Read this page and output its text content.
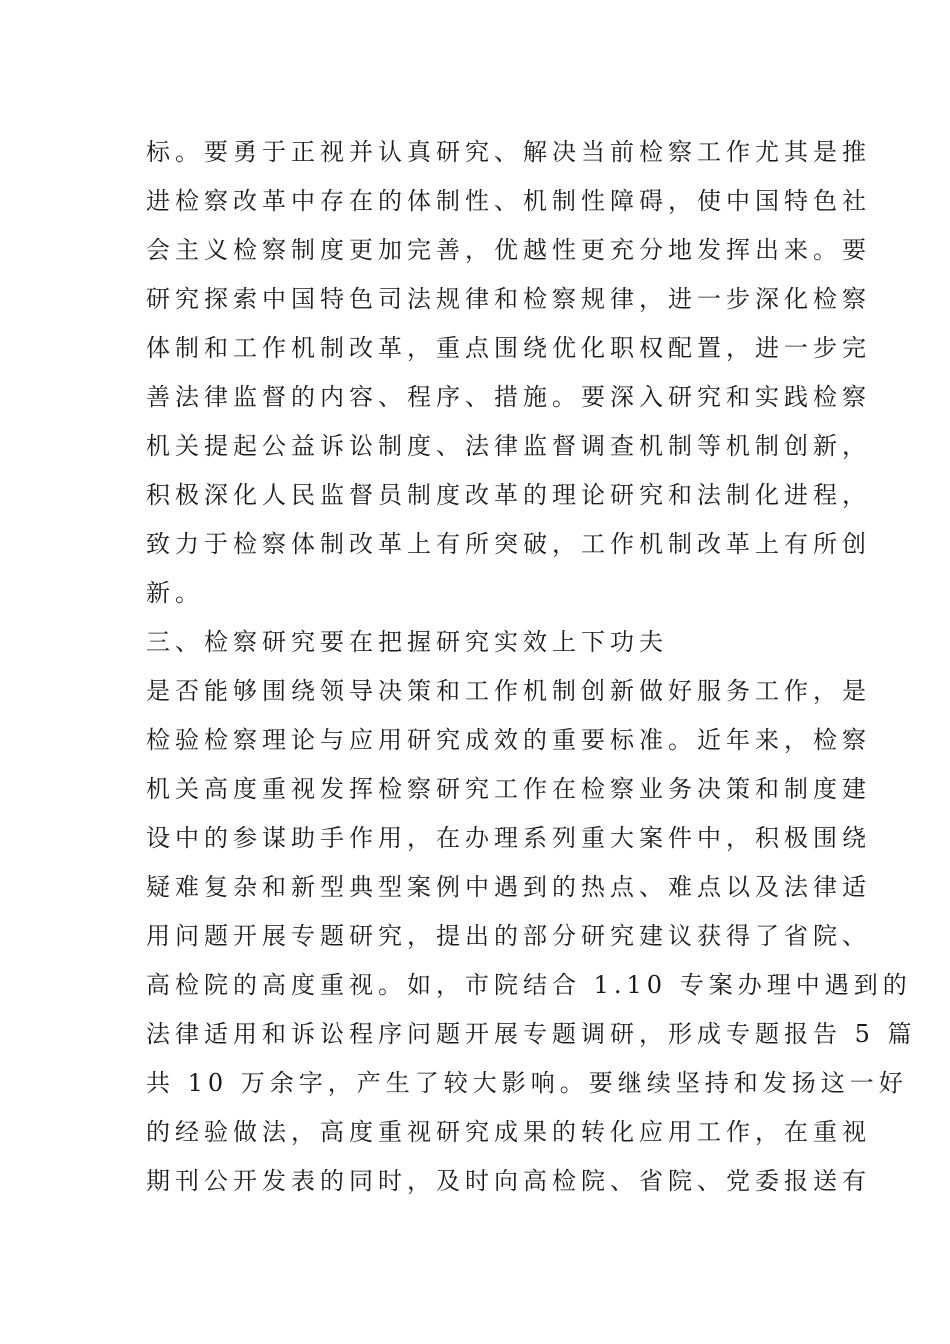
标。要勇于正视并认真研究、解决当前检察工作尤其是推
进检察改革中存在的体制性、机制性障碍，使中国特色社
会主义检察制度更加完善，优越性更充分地发挥出来。要
研究探索中国特色司法规律和检察规律，进一步深化检察
体制和工作机制改革，重点围绕优化职权配置，进一步完
善法律监督的内容、程序、措施。要深入研究和实践检察
机关提起公益诉讼制度、法律监督调查机制等机制创新，
积极深化人民监督员制度改革的理论研究和法制化进程，
致力于检察体制改革上有所突破，工作机制改革上有所创
新。
三、检察研究要在把握研究实效上下功夫
是否能够围绕领导决策和工作机制创新做好服务工作，是
检验检察理论与应用研究成效的重要标准。近年来，检察
机关高度重视发挥检察研究工作在检察业务决策和制度建
设中的参谋助手作用，在办理系列重大案件中，积极围绕
疑难复杂和新型典型案例中遇到的热点、难点以及法律适
用问题开展专题研究，提出的部分研究建议获得了省院、
高检院的高度重视。如，市院结合 1.10 专案办理中遇到的
法律适用和诉讼程序问题开展专题调研，形成专题报告 5 篇
共 10 万余字，产生了较大影响。要继续坚持和发扬这一好
的经验做法，高度重视研究成果的转化应用工作，在重视
期刊公开发表的同时，及时向高检院、省院、党委报送有
